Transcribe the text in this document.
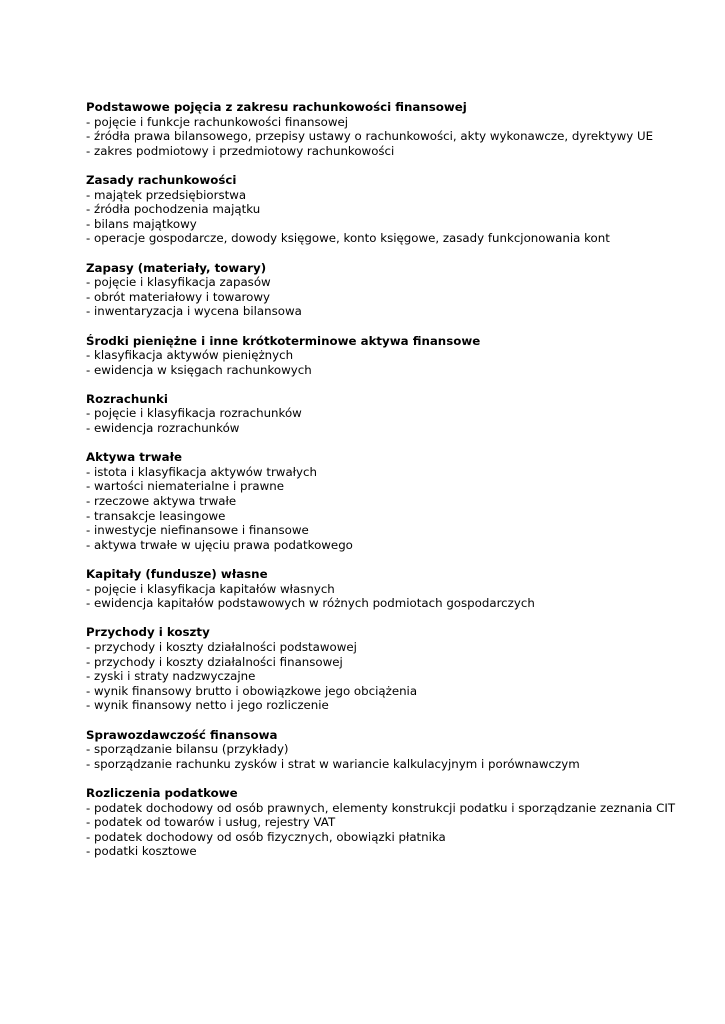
Podstawowe pojęcia z zakresu rachunkowości finansowej
- pojęcie i funkcje rachunkowości finansowej
- źródła prawa bilansowego, przepisy ustawy o rachunkowości, akty wykonawcze, dyrektywy UE
- zakres podmiotowy i przedmiotowy rachunkowości
Zasady rachunkowości
- majątek przedsiębiorstwa
- źródła pochodzenia majątku
- bilans majątkowy
- operacje gospodarcze, dowody księgowe, konto księgowe, zasady funkcjonowania kont
Zapasy (materiały, towary)
- pojęcie i klasyfikacja zapasów
- obrót materiałowy i towarowy
- inwentaryzacja i wycena bilansowa
Środki pieniężne i inne krótkoterminowe aktywa finansowe
- klasyfikacja aktywów pieniężnych
- ewidencja w księgach rachunkowych
Rozrachunki
- pojęcie i klasyfikacja rozrachunków
- ewidencja rozrachunków
Aktywa trwałe
- istota i klasyfikacja aktywów trwałych
- wartości niematerialne i prawne
- rzeczowe aktywa trwałe
- transakcje leasingowe
- inwestycje niefinansowe i finansowe
- aktywa trwałe w ujęciu prawa podatkowego
Kapitały (fundusze) własne
- pojęcie i klasyfikacja kapitałów własnych
- ewidencja kapitałów podstawowych w różnych podmiotach gospodarczych
Przychody i koszty
- przychody i koszty działalności podstawowej
- przychody i koszty działalności finansowej
- zyski i straty nadzwyczajne
- wynik finansowy brutto i obowiązkowe jego obciążenia
- wynik finansowy netto i jego rozliczenie
Sprawozdawczość finansowa
- sporządzanie bilansu (przykłady)
- sporządzanie rachunku zysków i strat w wariancie kalkulacyjnym i porównawczym
Rozliczenia podatkowe
- podatek dochodowy od osób prawnych, elementy konstrukcji podatku i sporządzanie zeznania CIT
- podatek od towarów i usług, rejestry VAT
- podatek dochodowy od osób fizycznych, obowiązki płatnika
- podatki kosztowe
